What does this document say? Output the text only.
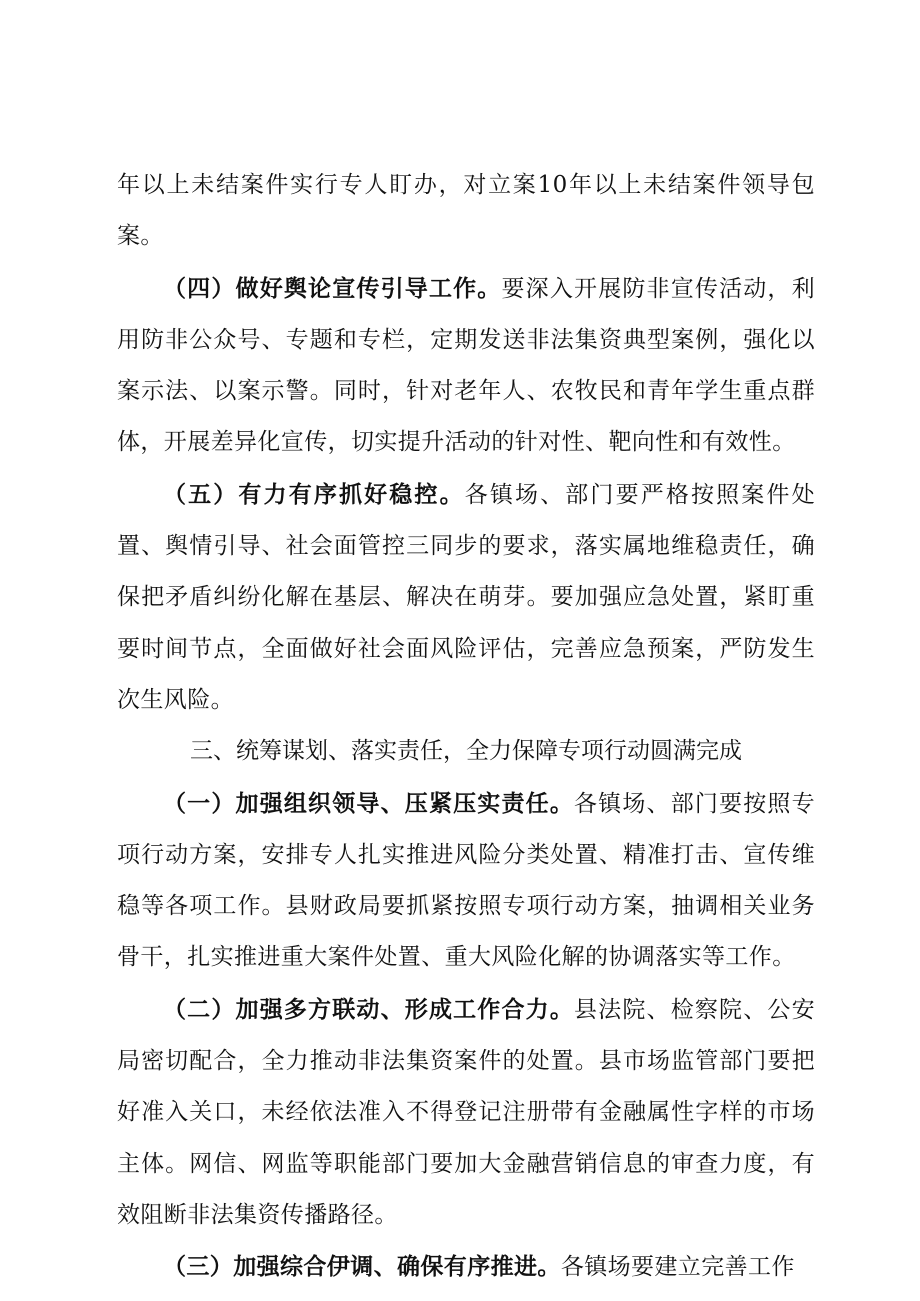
年以上未结案件实行专人盯办，对立案10年以上未结案件领导包案。

（四）做好舆论宣传引导工作。要深入开展防非宣传活动，利用防非公众号、专题和专栏，定期发送非法集资典型案例，强化以案示法、以案示警。同时，针对老年人、农牧民和青年学生重点群体，开展差异化宣传，切实提升活动的针对性、靶向性和有效性。

（五）有力有序抓好稳控。各镇场、部门要严格按照案件处置、舆情引导、社会面管控三同步的要求，落实属地维稳责任，确保把矛盾纠纷化解在基层、解决在萌芽。要加强应急处置，紧盯重要时间节点，全面做好社会面风险评估，完善应急预案，严防发生次生风险。

三、统筹谋划、落实责任，全力保障专项行动圆满完成

（一）加强组织领导、压紧压实责任。各镇场、部门要按照专项行动方案，安排专人扎实推进风险分类处置、精准打击、宣传维稳等各项工作。县财政局要抓紧按照专项行动方案，抽调相关业务骨干，扎实推进重大案件处置、重大风险化解的协调落实等工作。

（二）加强多方联动、形成工作合力。县法院、检察院、公安局密切配合，全力推动非法集资案件的处置。县市场监管部门要把好准入关口，未经依法准入不得登记注册带有金融属性字样的市场主体。网信、网监等职能部门要加大金融营销信息的审查力度，有效阻断非法集资传播路径。

（三）加强综合伊调、确保有序推进。各镇场要建立完善工作
